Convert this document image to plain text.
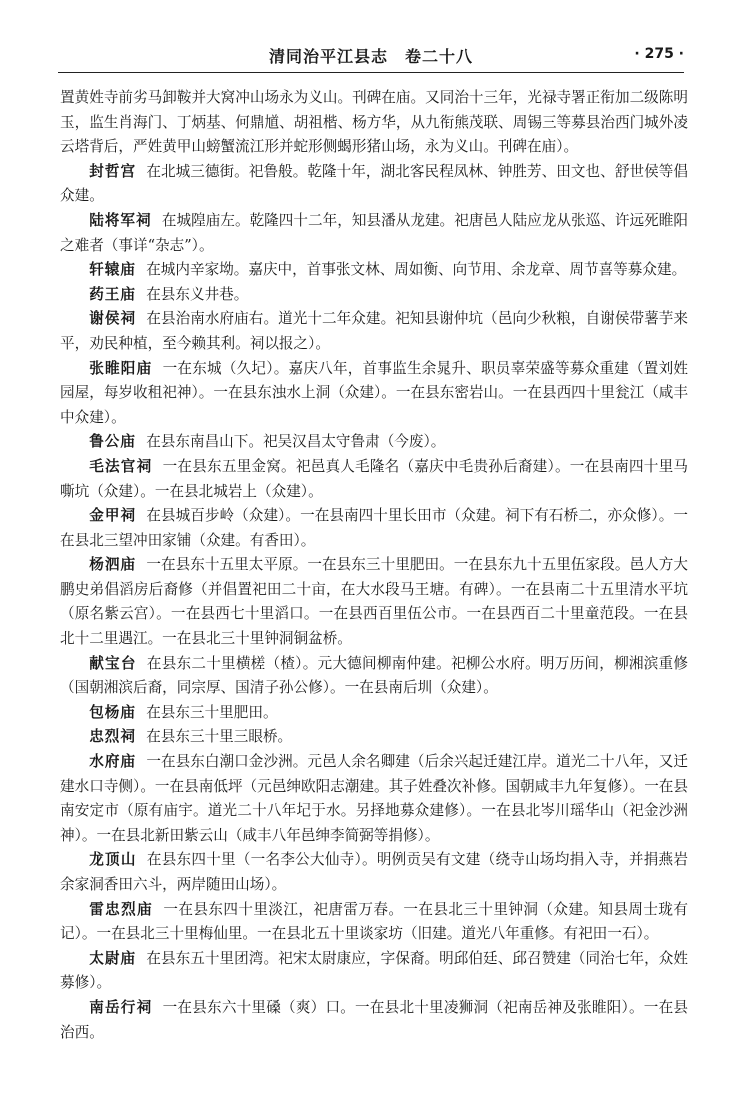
清同治平江县志　卷二十八	· 275 ·

置黄姓寺前劣马卸鞍并大窝冲山场永为义山。刊碑在庙。又同治十三年，光禄寺署正衔加二级陈明玉，监生肖海门、丁炳基、何鼎馗、胡祖楷、杨方华，从九衔熊茂联、周锡三等募县治西门城外凌云塔背后，严姓黄甲山螃蟹流江形并蛇形侧蝎形猪山场，永为义山。刊碑在庙）。

封哲宫 在北城三德街。祀鲁般。乾隆十年，湖北客民程凤林、钟胜芳、田文也、舒世侯等倡众建。

陆将军祠 在城隍庙左。乾隆四十二年，知县潘从龙建。祀唐邑人陆应龙从张巡、许远死睢阳之难者（事详“杂志”）。

轩辕庙 在城内辛家坳。嘉庆中，首事张文林、周如衡、向节用、余龙章、周节喜等募众建。

药王庙 在县东义井巷。

谢侯祠 在县治南水府庙右。道光十二年众建。祀知县谢仲坑（邑向少秋粮，自谢侯带薯芋来平，劝民种植，至今赖其利。祠以报之）。

张睢阳庙 一在东城（久圮）。嘉庆八年，首事监生余晁升、职员辜荣盛等募众重建（置刘姓园屋，每岁收租祀神）。一在县东浊水上洞（众建）。一在县东密岩山。一在县西四十里瓮江（咸丰中众建）。

鲁公庙 在县东南昌山下。祀吴汉昌太守鲁肃（今废）。

毛法官祠 一在县东五里金窝。祀邑真人毛隆名（嘉庆中毛贵孙后裔建）。一在县南四十里马嘶坑（众建）。一在县北城岩上（众建）。

金甲祠 在县城百步岭（众建）。一在县南四十里长田市（众建。祠下有石桥二，亦众修）。一在县北三望冲田家铺（众建。有香田）。

杨泗庙 一在县东十五里太平原。一在县东三十里肥田。一在县东九十五里伍家段。邑人方大鹏史弟倡滔房后裔修（并倡置祀田二十亩，在大水段马王塘。有碑）。一在县南二十五里清水平坑（原名紫云宫）。一在县西七十里滔口。一在县西百里伍公市。一在县西百二十里童范段。一在县北十二里遇江。一在县北三十里钟洞铜盆桥。

献宝台 在县东二十里横槎（楂）。元大德间柳南仲建。祀柳公水府。明万历间，柳湘滨重修（国朝湘滨后裔，同宗厚、国清子孙公修）。一在县南后圳（众建）。

包杨庙 在县东三十里肥田。

忠烈祠 在县东三十里三眼桥。

水府庙 一在县东白潮口金沙洲。元邑人余名卿建（后余兴起迁建江岸。道光二十八年，又迁建水口寺侧）。一在县南低坪（元邑绅欧阳志潮建。其子姓叠次补修。国朝咸丰九年复修）。一在县南安定市（原有庙宇。道光二十八年圮于水。另择地募众建修）。一在县北岑川瑶华山（祀金沙洲神）。一在县北新田紫云山（咸丰八年邑绅李简弼等捐修）。

龙顶山 在县东四十里（一名李公大仙寺）。明例贡吴有文建（绕寺山场均捐入寺，并捐燕岩余家洞香田六斗，两岸随田山场）。

雷忠烈庙 一在县东四十里淡江，祀唐雷万春。一在县北三十里钟洞（众建。知县周士珑有记）。一在县北三十里梅仙里。一在县北五十里谈家坊（旧建。道光八年重修。有祀田一石）。

太尉庙 在县东五十里团湾。祀宋太尉康应，字保裔。明邱伯廷、邱召赞建（同治七年，众姓募修）。

南岳行祠 一在县东六十里磉（爽）口。一在县北十里凌狮洞（祀南岳神及张睢阳）。一在县治西。
